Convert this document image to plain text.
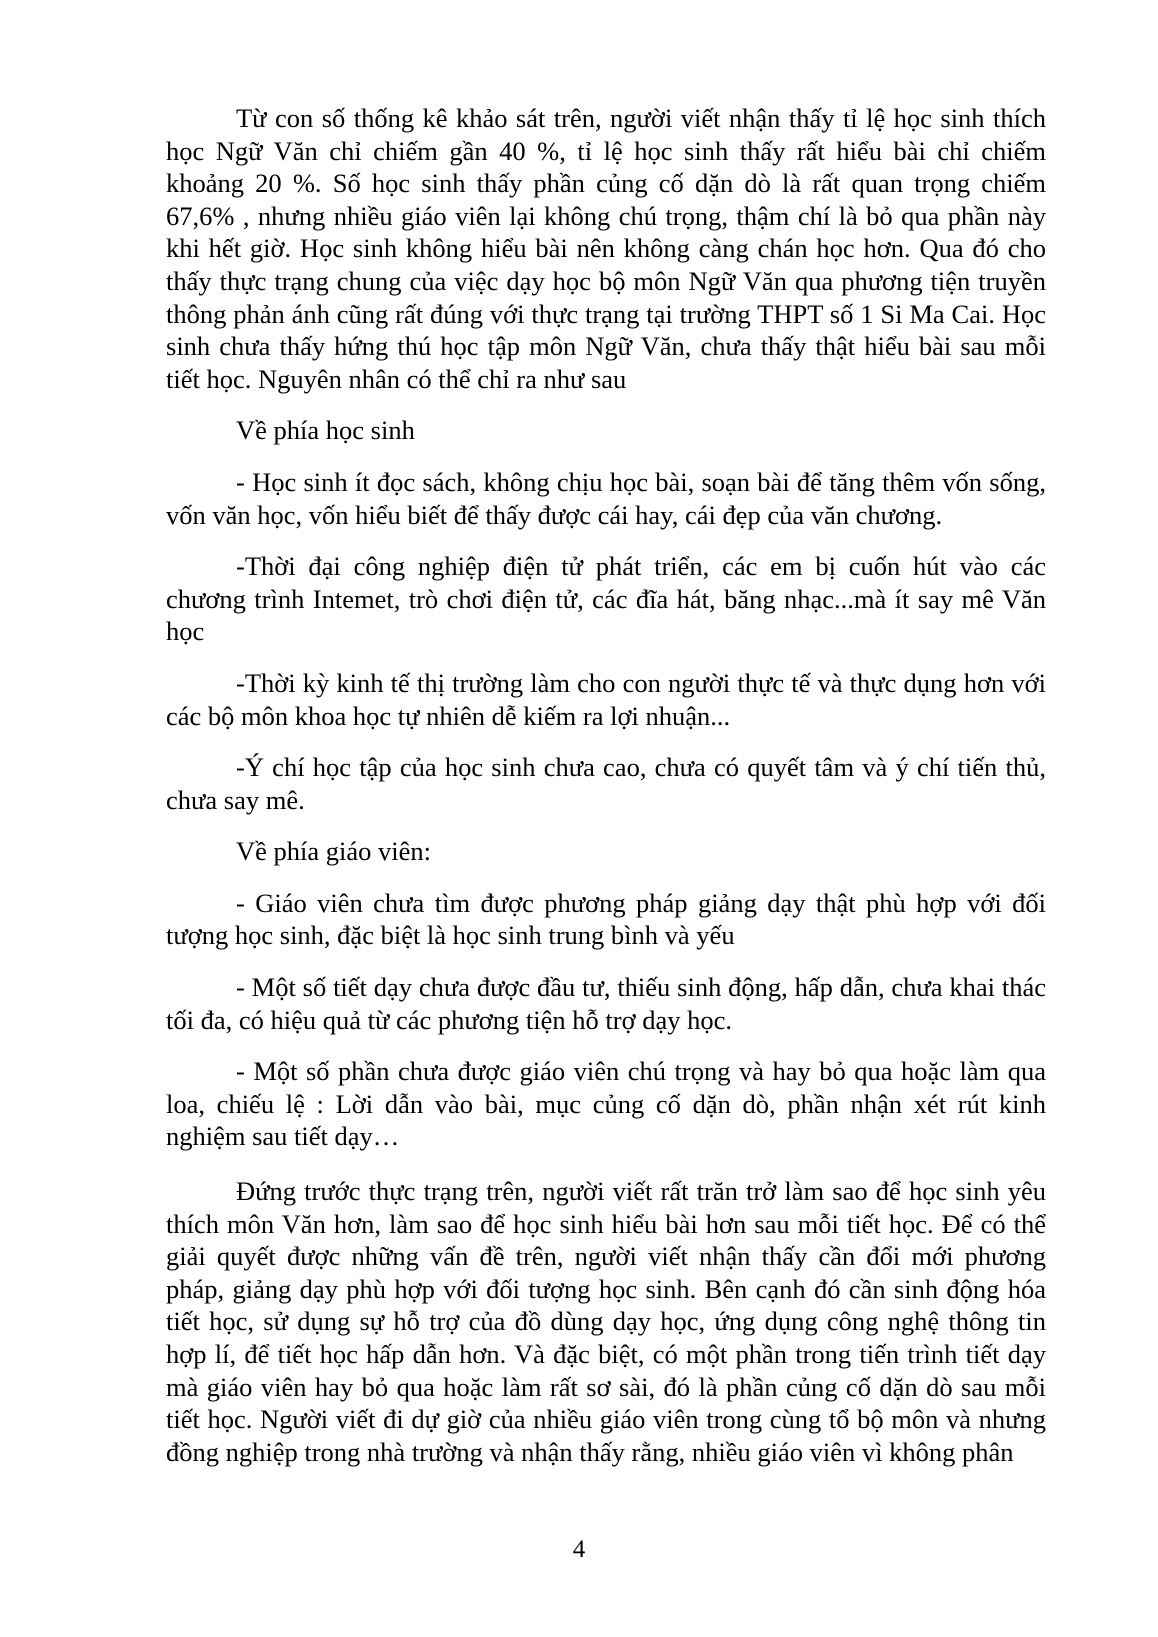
Từ con số thống kê khảo sát trên, người viết nhận thấy tỉ lệ học sinh thích học Ngữ Văn chỉ chiếm gần 40 %, tỉ lệ học sinh thấy rất hiểu bài chỉ chiếm khoảng 20 %. Số học sinh thấy phần củng cố dặn dò là rất quan trọng chiếm 67,6% , nhưng nhiều giáo viên lại không chú trọng, thậm chí là bỏ qua phần này khi hết giờ. Học sinh không hiểu bài nên không càng chán học hơn. Qua đó cho thấy thực trạng chung của việc dạy học bộ môn Ngữ Văn qua phương tiện truyền thông phản ánh cũng rất đúng với thực trạng tại trường THPT số 1 Si Ma Cai. Học sinh chưa thấy hứng thú học tập môn Ngữ Văn, chưa thấy thật hiểu bài sau mỗi tiết học. Nguyên nhân có thể chỉ ra như sau

Về phía học sinh

- Học sinh ít đọc sách, không chịu học bài, soạn bài để tăng thêm vốn sống, vốn văn học, vốn hiểu biết để thấy được cái hay, cái đẹp của văn chương.

-Thời đại công nghiệp điện tử phát triển, các em bị cuốn hút vào các chương trình Intemet, trò chơi điện tử, các đĩa hát, băng nhạc...mà ít say mê Văn học

-Thời kỳ kinh tế thị trường làm cho con người thực tế và thực dụng hơn với các bộ môn khoa học tự nhiên dễ kiếm ra lợi nhuận...

-Ý chí học tập của học sinh chưa cao, chưa có quyết tâm và ý chí tiến thủ, chưa say mê.

Về phía giáo viên:

- Giáo viên chưa tìm được phương pháp giảng dạy thật phù hợp với đối tượng học sinh, đặc biệt là học sinh trung bình và yếu

- Một số tiết dạy chưa được đầu tư, thiếu sinh động, hấp dẫn, chưa khai thác tối đa, có hiệu quả từ các phương tiện hỗ trợ dạy học.

- Một số phần chưa được giáo viên chú trọng và hay bỏ qua hoặc làm qua loa, chiếu lệ : Lời dẫn vào bài, mục củng cố dặn dò, phần nhận xét rút kinh nghiệm sau tiết dạy…

Đứng trước thực trạng trên, người viết rất trăn trở làm sao để học sinh yêu thích môn Văn hơn, làm sao để học sinh hiểu bài hơn sau mỗi tiết học. Để có thể giải quyết được những vấn đề trên, người viết nhận thấy cần đổi mới phương pháp, giảng dạy phù hợp với đối tượng học sinh. Bên cạnh đó cần sinh động hóa tiết học, sử dụng sự hỗ trợ của đồ dùng dạy học, ứng dụng công nghệ thông tin hợp lí, để tiết học hấp dẫn hơn. Và đặc biệt, có một phần trong tiến trình tiết dạy mà giáo viên hay bỏ qua hoặc làm rất sơ sài, đó là phần củng cố dặn dò sau mỗi tiết học. Người viết đi dự giờ của nhiều giáo viên trong cùng tổ bộ môn và nhưng đồng nghiệp trong nhà trường và nhận thấy rằng, nhiều giáo viên vì không phân

4
